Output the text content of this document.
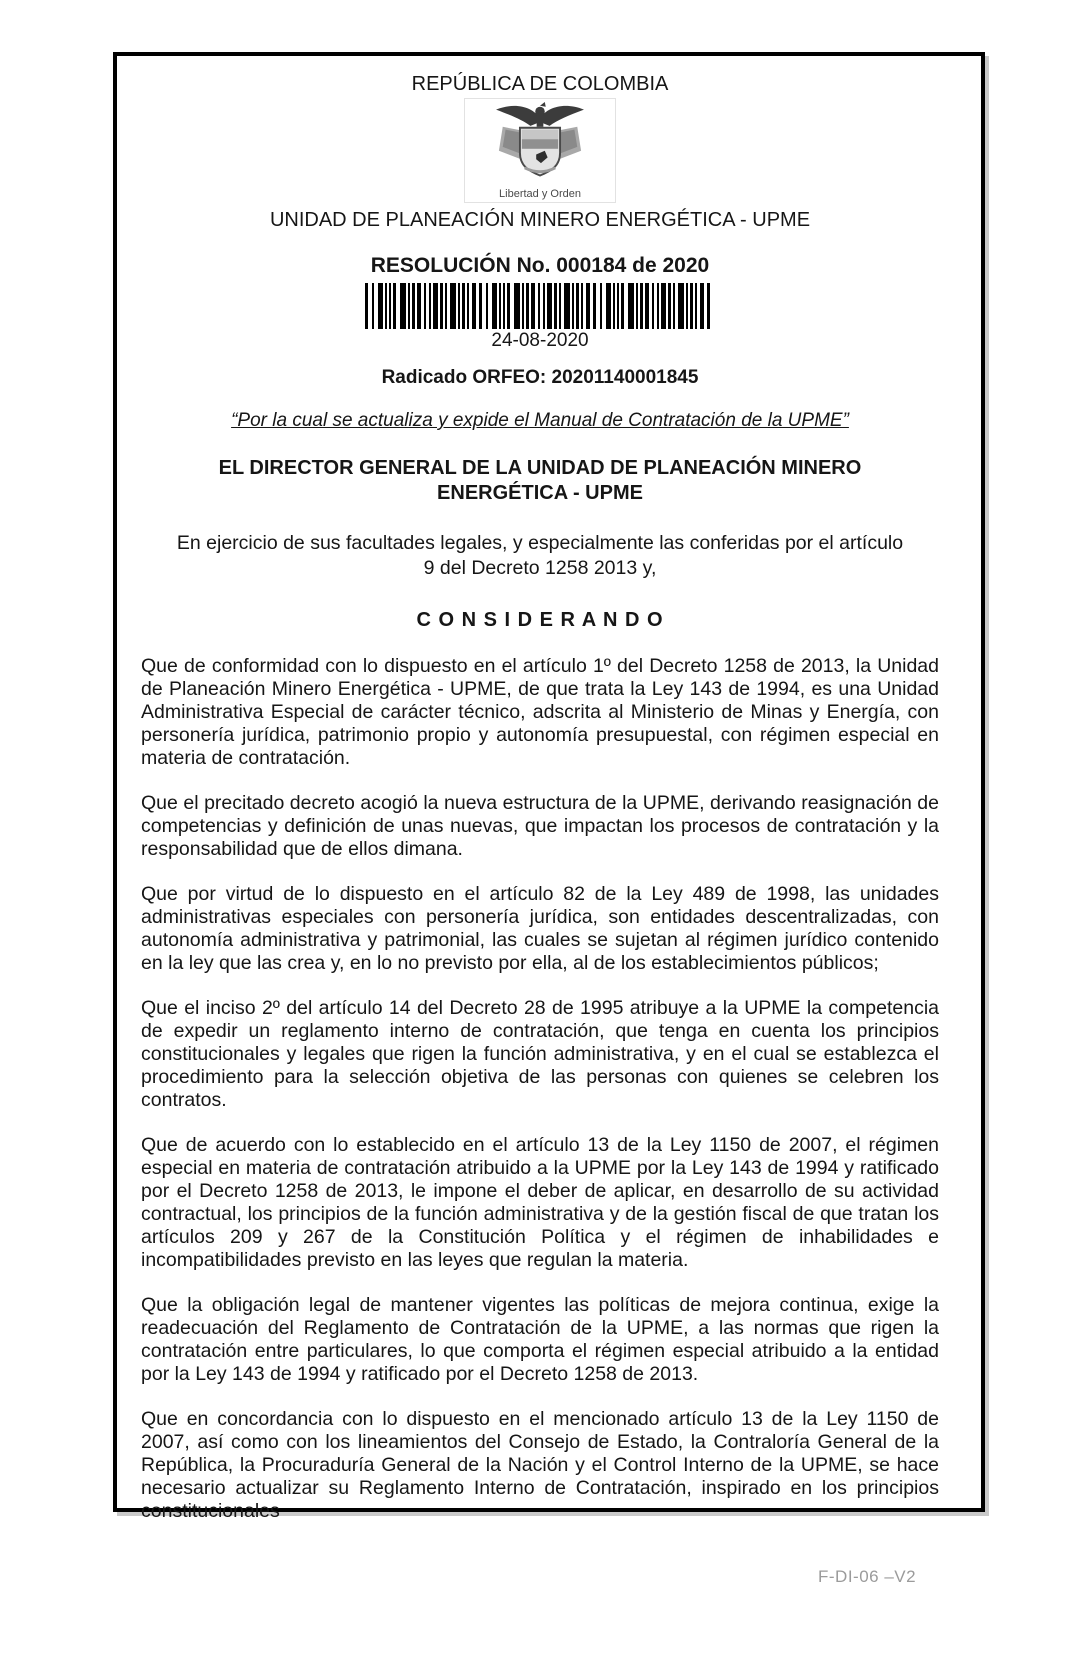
REPÚBLICA DE COLOMBIA
Libertad y Orden
UNIDAD DE PLANEACIÓN MINERO ENERGÉTICA - UPME
RESOLUCIÓN No. 000184 de 2020
24-08-2020
Radicado ORFEO: 20201140001845
“Por la cual se actualiza y expide el Manual de Contratación de la UPME”
EL DIRECTOR GENERAL DE LA UNIDAD DE PLANEACIÓN MINERO
ENERGÉTICA - UPME
En ejercicio de sus facultades legales, y especialmente las conferidas por el artículo
9 del Decreto 1258 2013 y,
C O N S I D E R A N D O
Que de conformidad con lo dispuesto en el artículo 1º del Decreto 1258 de 2013, la Unidad de Planeación Minero Energética - UPME, de que trata la Ley 143 de 1994, es una Unidad Administrativa Especial de carácter técnico, adscrita al Ministerio de Minas y Energía, con personería jurídica, patrimonio propio y autonomía presupuestal, con régimen especial en materia de contratación.
Que el precitado decreto acogió la nueva estructura de la UPME, derivando reasignación de competencias y definición de unas nuevas, que impactan los procesos de contratación y la responsabilidad que de ellos dimana.
Que por virtud de lo dispuesto en el artículo 82 de la Ley 489 de 1998, las unidades administrativas especiales con personería jurídica, son entidades descentralizadas, con autonomía administrativa y patrimonial, las cuales se sujetan al régimen jurídico contenido en la ley que las crea y, en lo no previsto por ella, al de los establecimientos públicos;
Que el inciso 2º del artículo 14 del Decreto 28 de 1995 atribuye a la UPME la competencia de expedir un reglamento interno de contratación, que tenga en cuenta los principios constitucionales y legales que rigen la función administrativa, y en el cual se establezca el procedimiento para la selección objetiva de las personas con quienes se celebren los contratos.
Que de acuerdo con lo establecido en el artículo 13 de la Ley 1150 de 2007, el régimen especial en materia de contratación atribuido a la UPME por la Ley 143 de 1994 y ratificado por el Decreto 1258 de 2013, le impone el deber de aplicar, en desarrollo de su actividad contractual, los principios de la función administrativa y de la gestión fiscal de que tratan los artículos 209 y 267 de la Constitución Política y el régimen de inhabilidades e incompatibilidades previsto en las leyes que regulan la materia.
Que la obligación legal de mantener vigentes las políticas de mejora continua, exige la readecuación del Reglamento de Contratación de la UPME, a las normas que rigen la contratación entre particulares, lo que comporta el régimen especial atribuido a la entidad por la Ley 143 de 1994 y ratificado por el Decreto 1258 de 2013.
Que en concordancia con lo dispuesto en el mencionado artículo 13 de la Ley 1150 de 2007, así como con los lineamientos del Consejo de Estado, la Contraloría General de la República, la Procuraduría General de la Nación y el Control Interno de la UPME, se hace necesario actualizar su Reglamento Interno de Contratación, inspirado en los principios constitucionales
F-DI-06 –V2
